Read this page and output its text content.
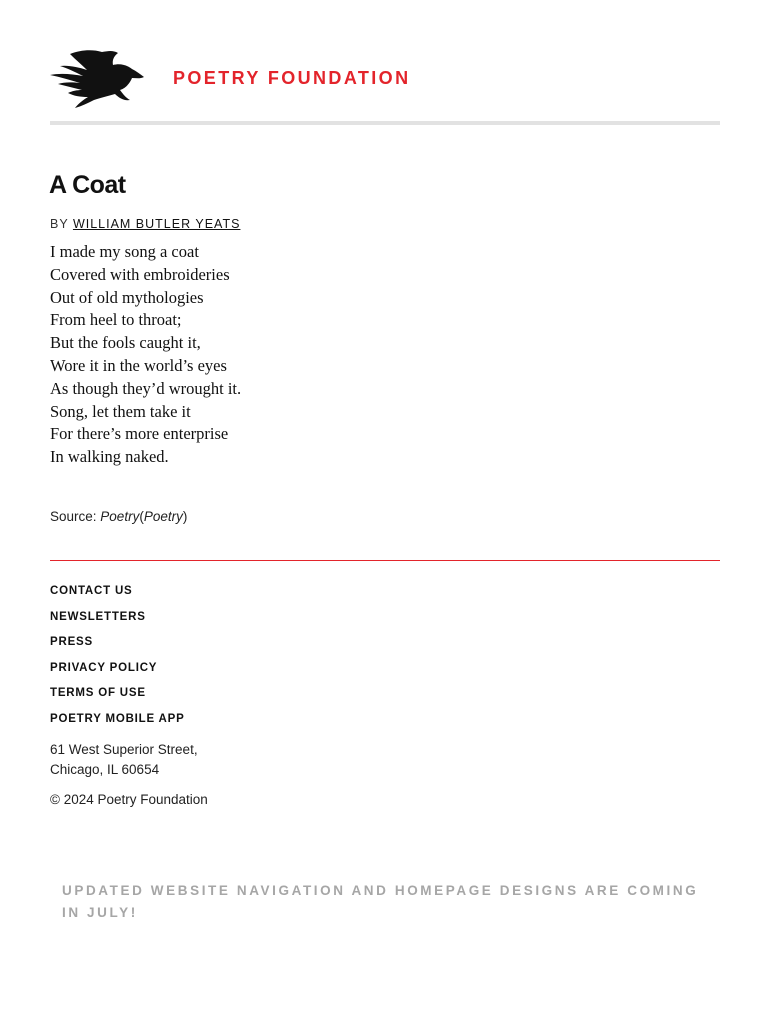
POETRY FOUNDATION
A Coat
BY WILLIAM BUTLER YEATS
I made my song a coat
Covered with embroideries
Out of old mythologies
From heel to throat;
But the fools caught it,
Wore it in the world’s eyes
As though they’d wrought it.
Song, let them take it
For there’s more enterprise
In walking naked.
Source: Poetry(Poetry)
CONTACT US
NEWSLETTERS
PRESS
PRIVACY POLICY
TERMS OF USE
POETRY MOBILE APP
61 West Superior Street,
Chicago, IL 60654
© 2024 Poetry Foundation
UPDATED WEBSITE NAVIGATION AND HOMEPAGE DESIGNS ARE COMING IN JULY!
